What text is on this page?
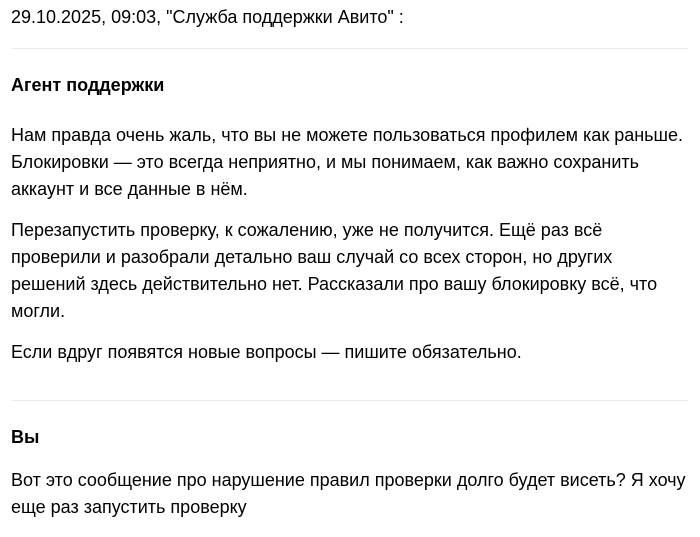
29.10.2025, 09:03, "Служба поддержки Авито" :
Агент поддержки

Нам правда очень жаль, что вы не можете пользоваться профилем как раньше. Блокировки — это всегда неприятно, и мы понимаем, как важно сохранить аккаунт и все данные в нём.

Перезапустить проверку, к сожалению, уже не получится. Ещё раз всё проверили и разобрали детально ваш случай со всех сторон, но других решений здесь действительно нет. Рассказали про вашу блокировку всё, что могли.

Если вдруг появятся новые вопросы — пишите обязательно.

Вы

Вот это сообщение про нарушение правил проверки долго будет висеть? Я хочу еще раз запустить проверку
